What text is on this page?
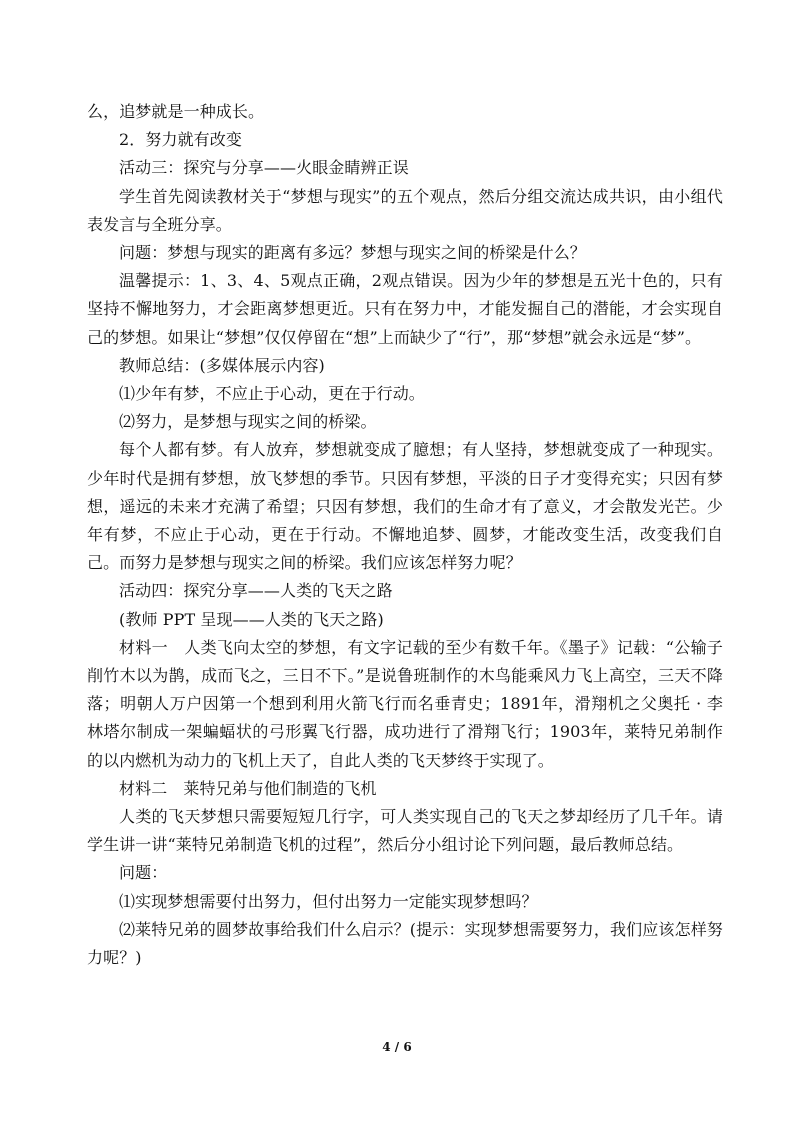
么，追梦就是一种成长。

2．努力就有改变

活动三：探究与分享——火眼金睛辨正误

学生首先阅读教材关于“梦想与现实”的五个观点，然后分组交流达成共识，由小组代表发言与全班分享。

问题：梦想与现实的距离有多远？梦想与现实之间的桥梁是什么？

温馨提示：1、3、4、5观点正确，2观点错误。因为少年的梦想是五光十色的，只有坚持不懈地努力，才会距离梦想更近。只有在努力中，才能发掘自己的潜能，才会实现自己的梦想。如果让“梦想”仅仅停留在“想”上而缺少了“行”，那“梦想”就会永远是“梦”。

教师总结：(多媒体展示内容)

⑴少年有梦，不应止于心动，更在于行动。

⑵努力，是梦想与现实之间的桥梁。

每个人都有梦。有人放弃，梦想就变成了臆想；有人坚持，梦想就变成了一种现实。少年时代是拥有梦想，放飞梦想的季节。只因有梦想，平淡的日子才变得充实；只因有梦想，遥远的未来才充满了希望；只因有梦想，我们的生命才有了意义，才会散发光芒。少年有梦，不应止于心动，更在于行动。不懈地追梦、圆梦，才能改变生活，改变我们自己。而努力是梦想与现实之间的桥梁。我们应该怎样努力呢？

活动四：探究分享——人类的飞天之路

(教师 PPT 呈现——人类的飞天之路)

材料一　人类飞向太空的梦想，有文字记载的至少有数千年。《墨子》记载：“公输子削竹木以为鹊，成而飞之，三日不下。”是说鲁班制作的木鸟能乘风力飞上高空，三天不降落；明朝人万户因第一个想到利用火箭飞行而名垂青史；1891年，滑翔机之父奥托 · 李林塔尔制成一架蝙蝠状的弓形翼飞行器，成功进行了滑翔飞行；1903年，莱特兄弟制作的以内燃机为动力的飞机上天了，自此人类的飞天梦终于实现了。

材料二　莱特兄弟与他们制造的飞机

人类的飞天梦想只需要短短几行字，可人类实现自己的飞天之梦却经历了几千年。请学生讲一讲“莱特兄弟制造飞机的过程”，然后分小组讨论下列问题，最后教师总结。

问题：

⑴实现梦想需要付出努力，但付出努力一定能实现梦想吗？

⑵莱特兄弟的圆梦故事给我们什么启示？(提示：实现梦想需要努力，我们应该怎样努力呢？)

4 / 6
